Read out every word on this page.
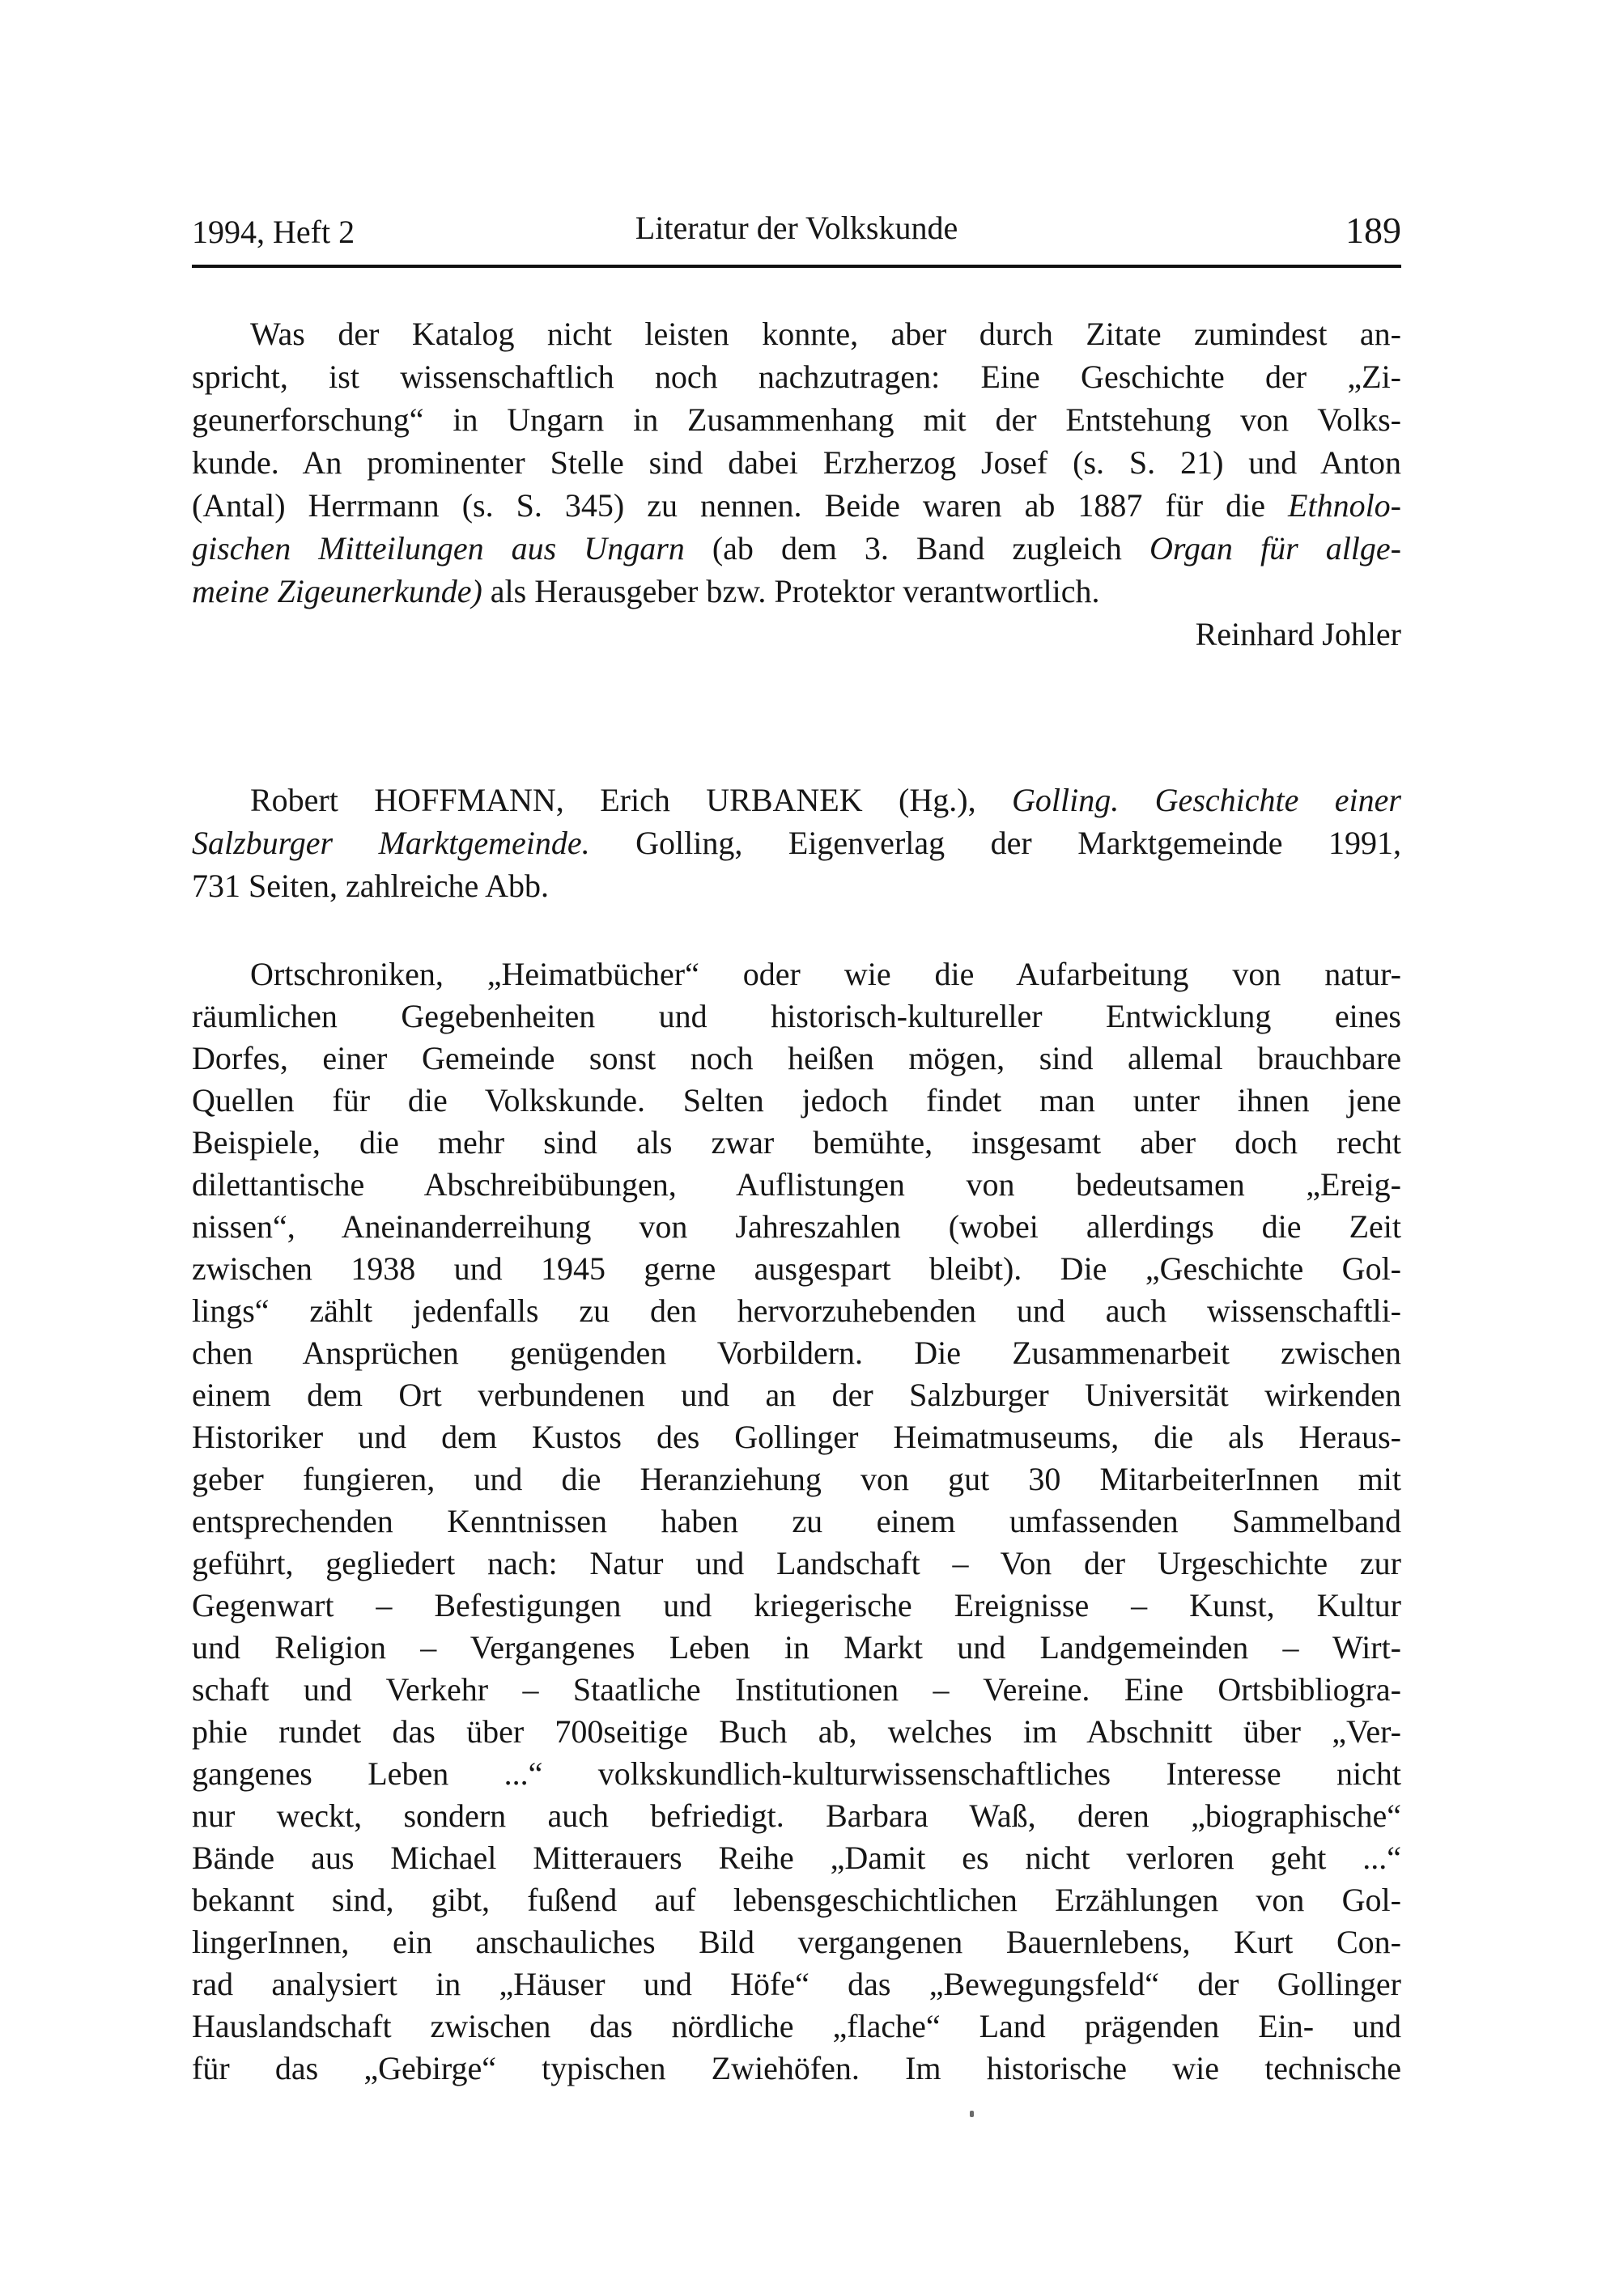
Literatur der Volkskunde
1994, Heft 2	189
Was der Katalog nicht leisten konnte, aber durch Zitate zumindest an-
spricht, ist wissenschaftlich noch nachzutragen: Eine Geschichte der „Zi-
geunerforschung“ in Ungarn in Zusammenhang mit der Entstehung von Volks-
kunde. An prominenter Stelle sind dabei Erzherzog Josef (s. S. 21) und Anton
(Antal) Herrmann (s. S. 345) zu nennen. Beide waren ab 1887 für die Ethnolo-
gischen Mitteilungen aus Ungarn (ab dem 3. Band zugleich Organ für allge-
meine Zigeunerkunde) als Herausgeber bzw. Protektor verantwortlich.
Reinhard Johler
Robert HOFFMANN, Erich URBANEK (Hg.), Golling. Geschichte einer
Salzburger Marktgemeinde. Golling, Eigenverlag der Marktgemeinde 1991,
731 Seiten, zahlreiche Abb.
Ortschroniken, „Heimatbücher“ oder wie die Aufarbeitung von natur-
räumlichen Gegebenheiten und historisch-kultureller Entwicklung eines
Dorfes, einer Gemeinde sonst noch heißen mögen, sind allemal brauchbare
Quellen für die Volkskunde. Selten jedoch findet man unter ihnen jene
Beispiele, die mehr sind als zwar bemühte, insgesamt aber doch recht
dilettantische Abschreibübungen, Auflistungen von bedeutsamen „Ereig-
nissen“, Aneinanderreihung von Jahreszahlen (wobei allerdings die Zeit
zwischen 1938 und 1945 gerne ausgespart bleibt). Die „Geschichte Gol-
lings“ zählt jedenfalls zu den hervorzuhebenden und auch wissenschaftli-
chen Ansprüchen genügenden Vorbildern. Die Zusammenarbeit zwischen
einem dem Ort verbundenen und an der Salzburger Universität wirkenden
Historiker und dem Kustos des Gollinger Heimatmuseums, die als Heraus-
geber fungieren, und die Heranziehung von gut 30 MitarbeiterInnen mit
entsprechenden Kenntnissen haben zu einem umfassenden Sammelband
geführt, gegliedert nach: Natur und Landschaft – Von der Urgeschichte zur
Gegenwart – Befestigungen und kriegerische Ereignisse – Kunst, Kultur
und Religion – Vergangenes Leben in Markt und Landgemeinden – Wirt-
schaft und Verkehr – Staatliche Institutionen – Vereine. Eine Ortsbibliogra-
phie rundet das über 700seitige Buch ab, welches im Abschnitt über „Ver-
gangenes Leben ...“ volkskundlich-kulturwissenschaftliches Interesse nicht
nur weckt, sondern auch befriedigt. Barbara Waß, deren „biographische“
Bände aus Michael Mitterauers Reihe „Damit es nicht verloren geht ...“
bekannt sind, gibt, fußend auf lebensgeschichtlichen Erzählungen von Gol-
lingerInnen, ein anschauliches Bild vergangenen Bauernlebens, Kurt Con-
rad analysiert in „Häuser und Höfe“ das „Bewegungsfeld“ der Gollinger
Hauslandschaft zwischen das nördliche „flache“ Land prägenden Ein- und
für das „Gebirge“ typischen Zwiehöfen. Im historische wie technische
